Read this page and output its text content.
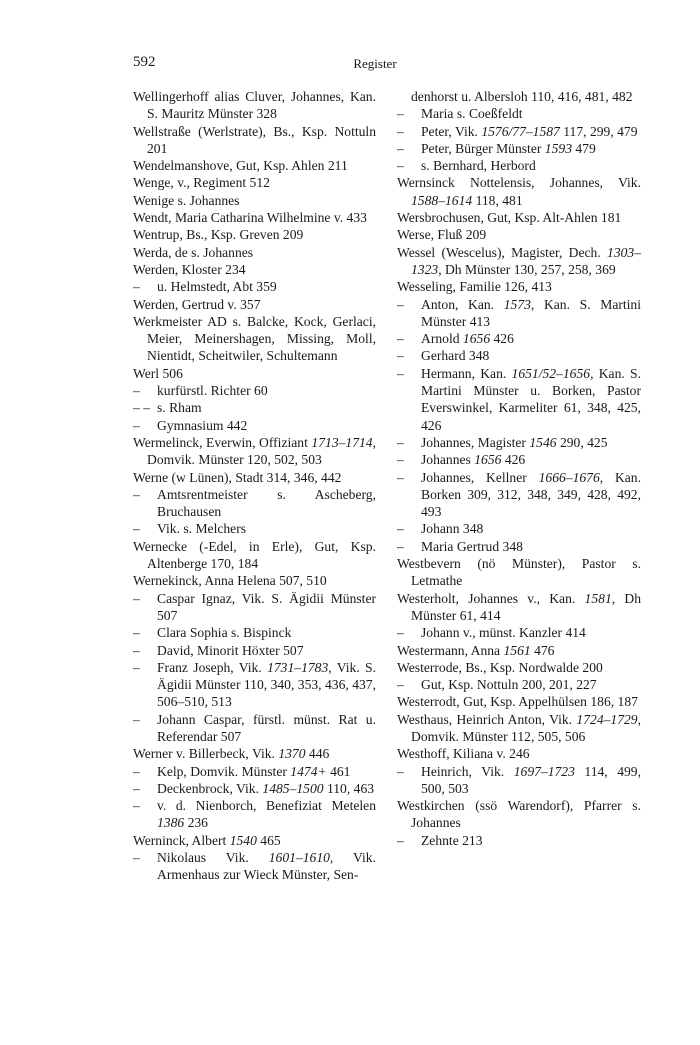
592	Register
Wellingerhoff alias Cluver, Johannes, Kan. S. Mauritz Münster 328
Wellstraße (Werlstrate), Bs., Ksp. Nottuln 201
Wendelmanshove, Gut, Ksp. Ahlen 211
Wenge, v., Regiment 512
Wenige s. Johannes
Wendt, Maria Catharina Wilhelmine v. 433
Wentrup, Bs., Ksp. Greven 209
Werda, de s. Johannes
Werden, Kloster 234
– u. Helmstedt, Abt 359
Werden, Gertrud v. 357
Werkmeister AD s. Balcke, Kock, Gerlaci, Meier, Meinershagen, Missing, Moll, Nientidt, Scheitwiler, Schultemann
Werl 506
– kurfürstl. Richter 60
– – s. Rham
– Gymnasium 442
Wermelinck, Everwin, Offiziant 1713–1714, Domvik. Münster 120, 502, 503
Werne (w Lünen), Stadt 314, 346, 442
– Amtsrentmeister s. Ascheberg, Bruchausen
– Vik. s. Melchers
Wernecke (-Edel, in Erle), Gut, Ksp. Altenberge 170, 184
Wernekinck, Anna Helena 507, 510
– Caspar Ignaz, Vik. S. Ägidii Münster 507
– Clara Sophia s. Bispinck
– David, Minorit Höxter 507
– Franz Joseph, Vik. 1731–1783, Vik. S. Ägidii Münster 110, 340, 353, 436, 437, 506–510, 513
– Johann Caspar, fürstl. münst. Rat u. Referendar 507
Werner v. Billerbeck, Vik. 1370 446
– Kelp, Domvik. Münster 1474+ 461
– Deckenbrock, Vik. 1485–1500 110, 463
– v. d. Nienborch, Benefiziat Metelen 1386 236
Werninck, Albert 1540 465
– Nikolaus Vik. 1601–1610, Vik. Armenhaus zur Wieck Münster, Sen-
denhorst u. Albersloh 110, 416, 481, 482
– Maria s. Coeßfeldt
– Peter, Vik. 1576/77–1587 117, 299, 479
– Peter, Bürger Münster 1593 479
– s. Bernhard, Herbord
Wernsinck Nottelensis, Johannes, Vik. 1588–1614 118, 481
Wersbrochusen, Gut, Ksp. Alt-Ahlen 181
Werse, Fluß 209
Wessel (Wescelus), Magister, Dech. 1303–1323, Dh Münster 130, 257, 258, 369
Wesseling, Familie 126, 413
– Anton, Kan. 1573, Kan. S. Martini Münster 413
– Arnold 1656 426
– Gerhard 348
– Hermann, Kan. 1651/52–1656, Kan. S. Martini Münster u. Borken, Pastor Everswinkel, Karmeliter 61, 348, 425, 426
– Johannes, Magister 1546 290, 425
– Johannes 1656 426
– Johannes, Kellner 1666–1676, Kan. Borken 309, 312, 348, 349, 428, 492, 493
– Johann 348
– Maria Gertrud 348
Westbevern (nö Münster), Pastor s. Letmathe
Westerholt, Johannes v., Kan. 1581, Dh Münster 61, 414
– Johann v., münst. Kanzler 414
Westermann, Anna 1561 476
Westerrode, Bs., Ksp. Nordwalde 200
– Gut, Ksp. Nottuln 200, 201, 227
Westerrodt, Gut, Ksp. Appelhülsen 186, 187
Westhaus, Heinrich Anton, Vik. 1724–1729, Domvik. Münster 112, 505, 506
Westhoff, Kiliana v. 246
– Heinrich, Vik. 1697–1723 114, 499, 500, 503
Westkirchen (ssö Warendorf), Pfarrer s. Johannes
– Zehnte 213
